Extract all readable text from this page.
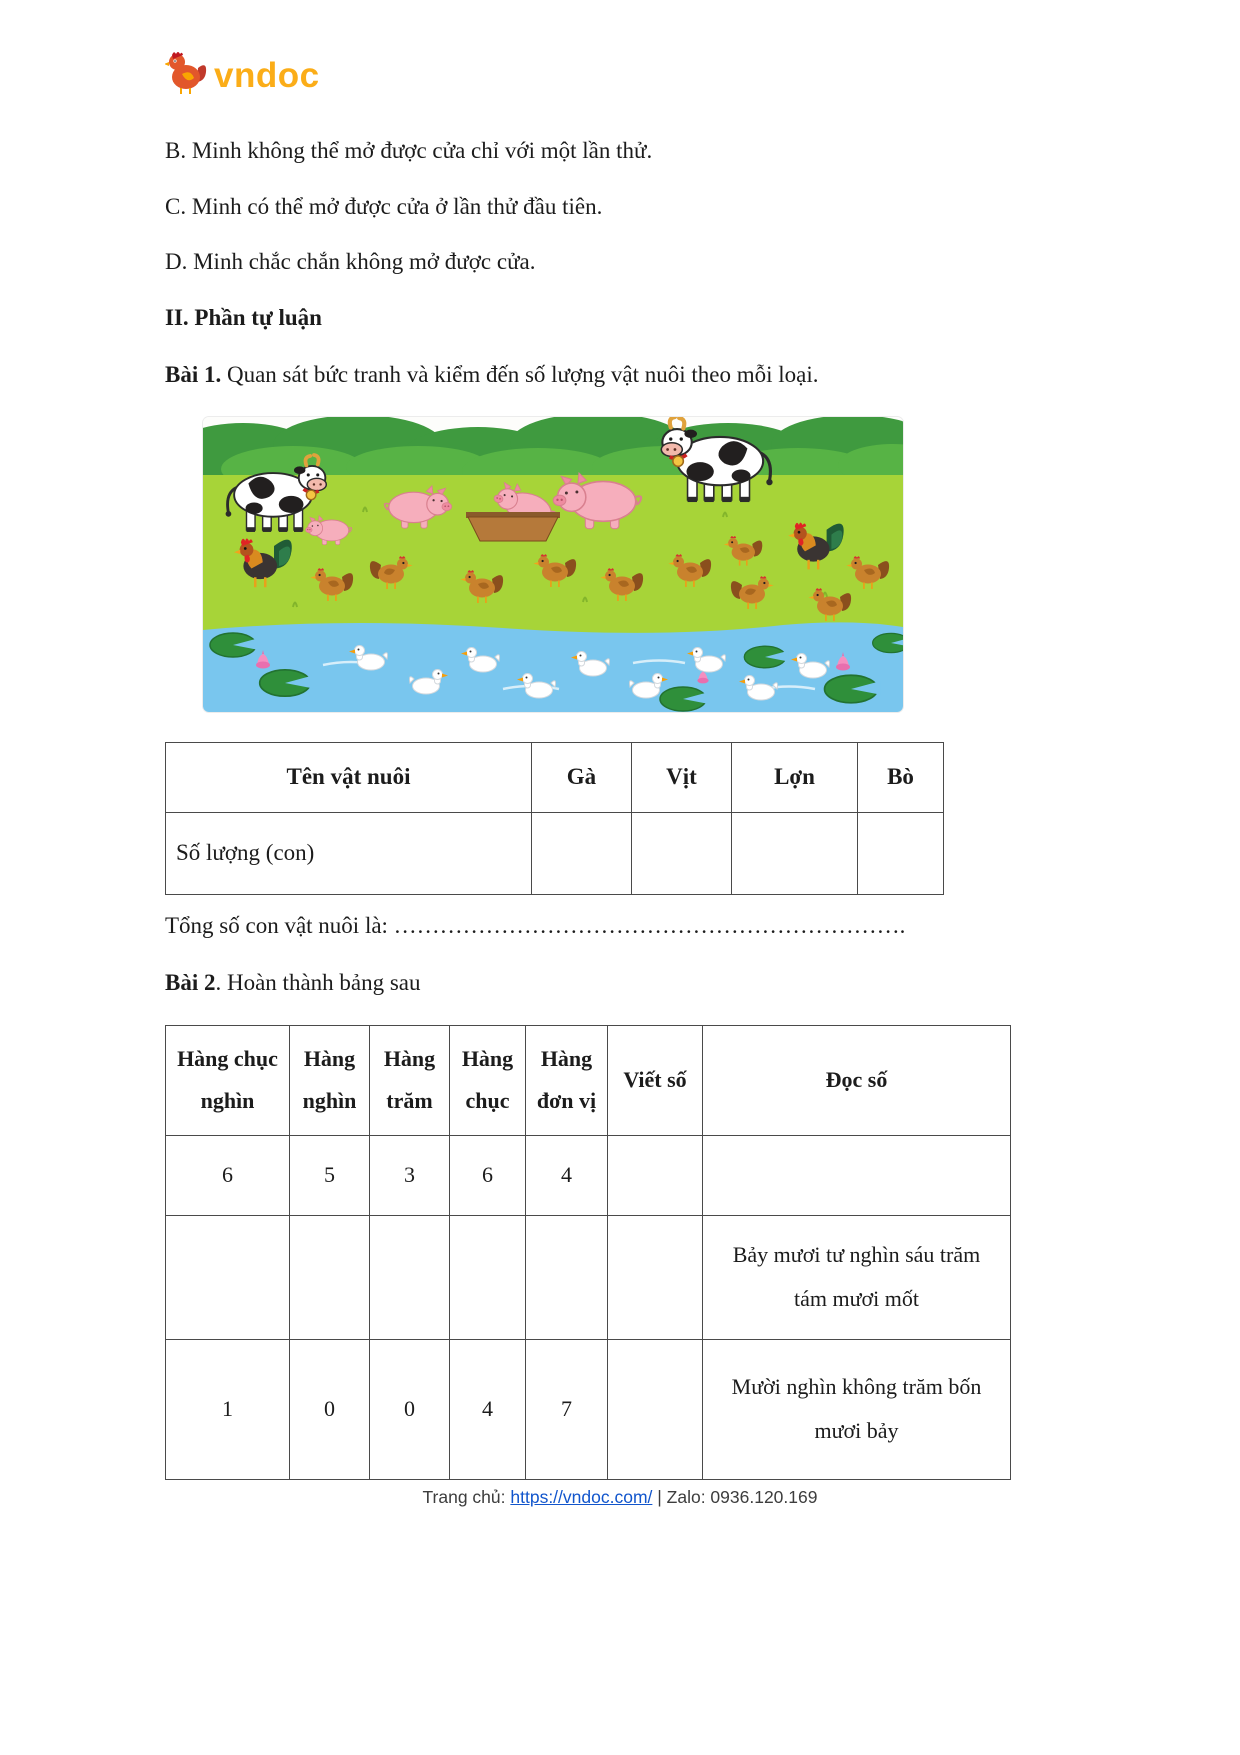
vndoc

B. Minh không thể mở được cửa chỉ với một lần thử.

C. Minh có thể mở được cửa ở lần thử đầu tiên.

D. Minh chắc chắn không mở được cửa.

II. Phần tự luận

Bài 1. Quan sát bức tranh và kiểm đến số lượng vật nuôi theo mỗi loại.

Tên vật nuôi	Gà	Vịt	Lợn	Bò
Số lượng (con)				

Tổng số con vật nuôi là: ………………………………………………………….

Bài 2. Hoàn thành bảng sau

Hàng chục nghìn	Hàng nghìn	Hàng trăm	Hàng chục	Hàng đơn vị	Viết số	Đọc số
6	5	3	6	4		
						Bảy mươi tư nghìn sáu trăm tám mươi mốt
1	0	0	4	7		Mười nghìn không trăm bốn mươi bảy
Trang chủ: https://vndoc.com/ | Zalo: 0936.120.169
